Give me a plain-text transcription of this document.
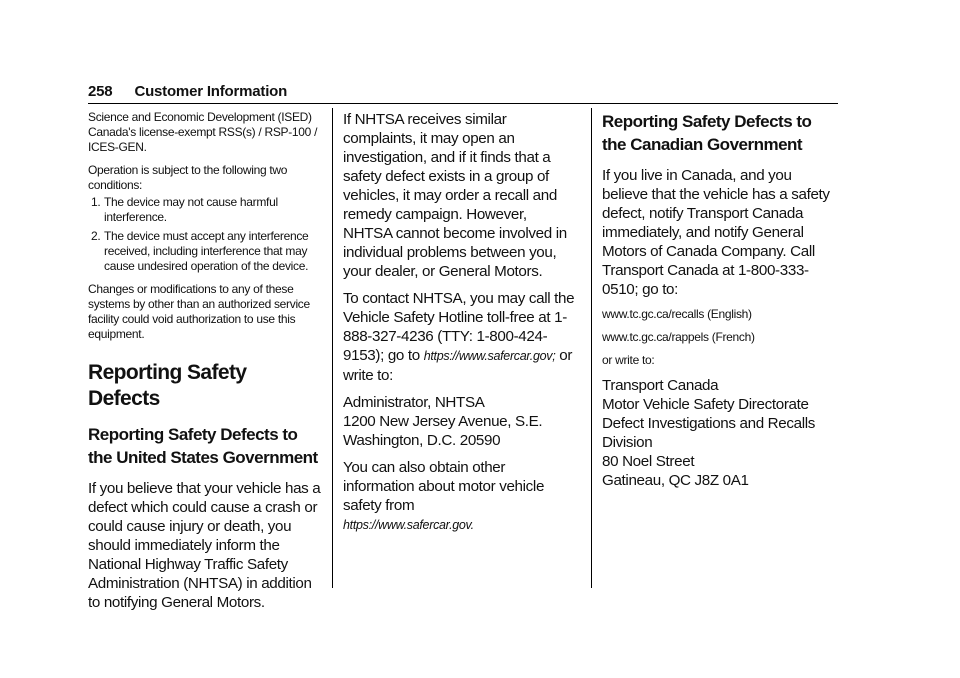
258 Customer Information

Science and Economic Development (ISED) Canada's license-exempt RSS(s) / RSP-100 / ICES-GEN.

Operation is subject to the following two conditions:

1. The device may not cause harmful interference.
2. The device must accept any interference received, including interference that may cause undesired operation of the device.

Changes or modifications to any of these systems by other than an authorized service facility could void authorization to use this equipment.

Reporting Safety Defects
Reporting Safety Defects to the United States Government

If you believe that your vehicle has a defect which could cause a crash or could cause injury or death, you should immediately inform the National Highway Traffic Safety Administration (NHTSA) in addition to notifying General Motors.

If NHTSA receives similar complaints, it may open an investigation, and if it finds that a safety defect exists in a group of vehicles, it may order a recall and remedy campaign. However, NHTSA cannot become involved in individual problems between you, your dealer, or General Motors.

To contact NHTSA, you may call the Vehicle Safety Hotline toll-free at 1-888-327-4236 (TTY: 1-800-424-9153); go to https://www.safercar.gov; or write to:

Administrator, NHTSA

1200 New Jersey Avenue, S.E.

Washington, D.C. 20590

You can also obtain other information about motor vehicle safety from
https://www.safercar.gov.

Reporting Safety Defects to the Canadian Government

If you live in Canada, and you believe that the vehicle has a safety defect, notify Transport Canada immediately, and notify General Motors of Canada Company. Call Transport Canada at 1-800-333-0510; go to:

www.tc.gc.ca/recalls (English)

www.tc.gc.ca/rappels (French)

or write to:

Transport Canada

Motor Vehicle Safety Directorate

Defect Investigations and Recalls

Division

80 Noel Street

Gatineau, QC J8Z 0A1
